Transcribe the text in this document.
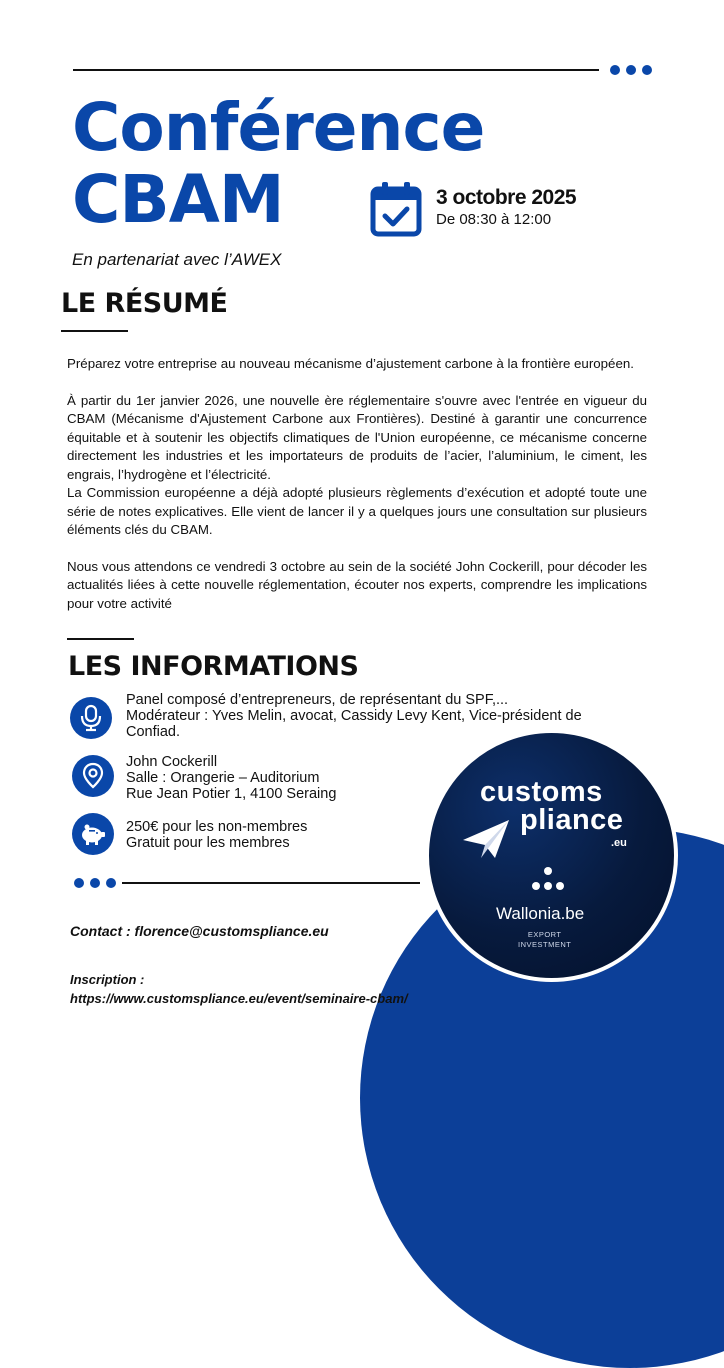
Conférence
CBAM
En partenariat avec l’AWEX
3 octobre 2025
De 08:30 à 12:00
LE RÉSUMÉ

Préparez votre entreprise au nouveau mécanisme d’ajustement carbone à la frontière européen.

À partir du 1er janvier 2026, une nouvelle ère réglementaire s'ouvre avec l'entrée en vigueur du CBAM (Mécanisme d'Ajustement Carbone aux Frontières). Destiné à garantir une concurrence équitable et à soutenir les objectifs climatiques de l'Union européenne, ce mécanisme concerne directement les industries et les importateurs de produits de l’acier, l’aluminium, le ciment, les engrais, l’hydrogène et l’électricité.

La Commission européenne a déjà adopté plusieurs règlements d’exécution et adopté toute une série de notes explicatives. Elle vient de lancer il y a quelques jours une consultation sur plusieurs éléments clés du CBAM.

Nous vous attendons ce vendredi 3 octobre au sein de la société John Cockerill, pour décoder les actualités liées à cette nouvelle réglementation, écouter nos experts, comprendre les implications pour votre activité

LES INFORMATIONS
Panel composé d’entrepreneurs, de représentant du SPF,...
Modérateur : Yves Melin, avocat, Cassidy Levy Kent, Vice-président de
Confiad.
John Cockerill
Salle : Orangerie – Auditorium
Rue Jean Potier 1, 4100 Seraing
250€ pour les non-membres
Gratuit pour les membres
Contact : florence@customspliance.eu
Inscription :
https://www.customspliance.eu/event/seminaire-cbam/
customs
pliance
.eu
Wallonia.be
EXPORT
INVESTMENT
